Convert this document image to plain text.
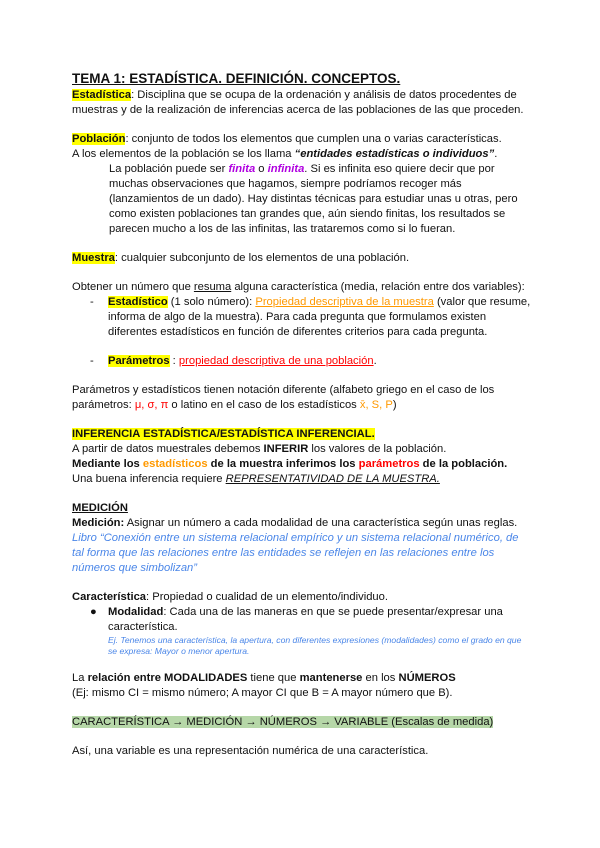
TEMA 1: ESTADÍSTICA. DEFINICIÓN. CONCEPTOS.

Estadística: Disciplina que se ocupa de la ordenación y análisis de datos procedentes de muestras y de la realización de inferencias acerca de las poblaciones de las que proceden.

Población: conjunto de todos los elementos que cumplen una o varias características.

A los elementos de la población se los llama “entidades estadísticas o individuos”.

La población puede ser finita o infinita. Si es infinita eso quiere decir que por muchas observaciones que hagamos, siempre podríamos recoger más (lanzamientos de un dado). Hay distintas técnicas para estudiar unas u otras, pero como existen poblaciones tan grandes que, aún siendo finitas, los resultados se parecen mucho a los de las infinitas, las trataremos como si lo fueran.

Muestra: cualquier subconjunto de los elementos de una población.

Obtener un número que resuma alguna característica (media, relación entre dos variables):

- Estadístico (1 solo número): Propiedad descriptiva de la muestra (valor que resume, informa de algo de la muestra). Para cada pregunta que formulamos existen diferentes estadísticos en función de diferentes criterios para cada pregunta.
- Parámetros : propiedad descriptiva de una población.

Parámetros y estadísticos tienen notación diferente (alfabeto griego en el caso de los parámetros: μ, σ, π o latino en el caso de los estadísticos x̄, S, P)

INFERENCIA ESTADÍSTICA/ESTADÍSTICA INFERENCIAL.

A partir de datos muestrales debemos INFERIR los valores de la población.

Mediante los estadísticos de la muestra inferimos los parámetros de la población.

Una buena inferencia requiere REPRESENTATIVIDAD DE LA MUESTRA.

MEDICIÓN

Medición: Asignar un número a cada modalidad de una característica según unas reglas.

Libro “Conexión entre un sistema relacional empírico y un sistema relacional numérico, de tal forma que las relaciones entre las entidades se reflejen en las relaciones entre los números que simbolizan”

Característica: Propiedad o cualidad de un elemento/individuo.

● Modalidad: Cada una de las maneras en que se puede presentar/expresar una característica.

Ej. Tenemos una característica, la apertura, con diferentes expresiones (modalidades) como el grado en que se expresa: Mayor o menor apertura.

La relación entre MODALIDADES tiene que mantenerse en los NÚMEROS

(Ej: mismo CI = mismo número; A mayor CI que B = A mayor número que B).

CARACTERÍSTICA → MEDICIÓN → NÚMEROS → VARIABLE (Escalas de medida)

Así, una variable es una representación numérica de una característica.
